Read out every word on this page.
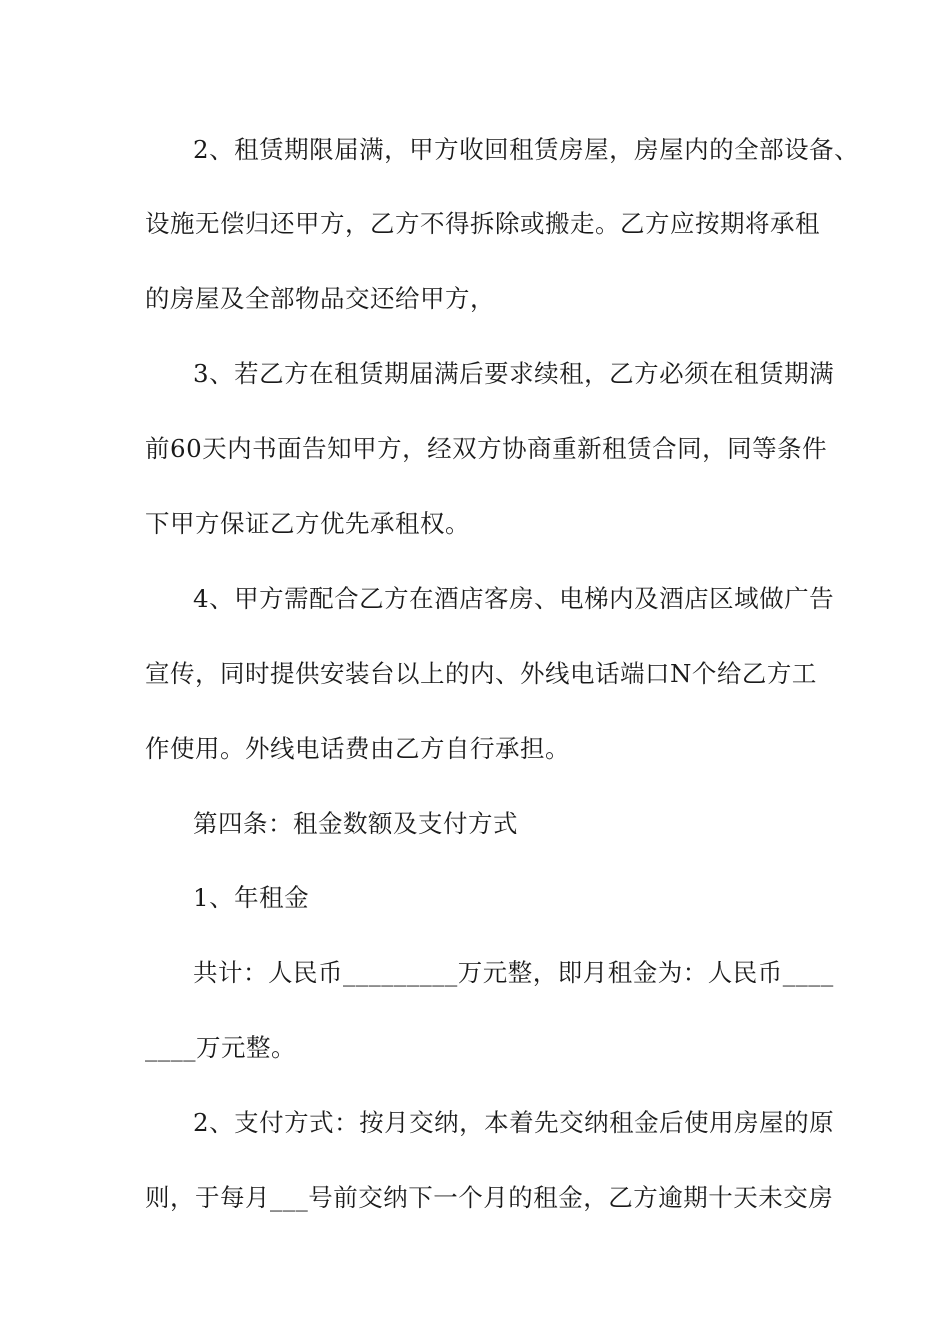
2、租赁期限届满，甲方收回租赁房屋，房屋内的全部设备、
设施无偿归还甲方，乙方不得拆除或搬走。乙方应按期将承租
的房屋及全部物品交还给甲方，
3、若乙方在租赁期届满后要求续租，乙方必须在租赁期满
前60天内书面告知甲方，经双方协商重新租赁合同，同等条件
下甲方保证乙方优先承租权。
4、甲方需配合乙方在酒店客房、电梯内及酒店区域做广告
宣传，同时提供安装台以上的内、外线电话端口N个给乙方工
作使用。外线电话费由乙方自行承担。
第四条：租金数额及支付方式
1、年租金
共计：人民币_________万元整，即月租金为：人民币____
____万元整。
2、支付方式：按月交纳，本着先交纳租金后使用房屋的原
则，于每月___号前交纳下一个月的租金，乙方逾期十天未交房
